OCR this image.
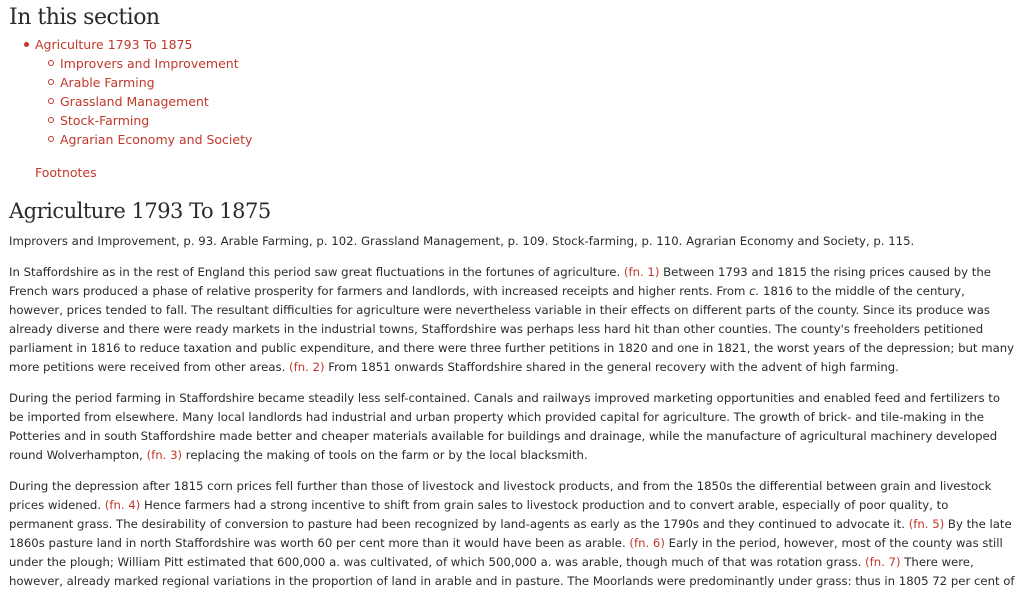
In this section
Agriculture 1793 To 1875
Improvers and Improvement
Arable Farming
Grassland Management
Stock-Farming
Agrarian Economy and Society
Footnotes
Agriculture 1793 To 1875

Improvers and Improvement, p. 93. Arable Farming, p. 102. Grassland Management, p. 109. Stock-farming, p. 110. Agrarian Economy and Society, p. 115.

In Staffordshire as in the rest of England this period saw great fluctuations in the fortunes of agriculture. (fn. 1) Between 1793 and 1815 the rising prices caused by the French wars produced a phase of relative prosperity for farmers and landlords, with increased receipts and higher rents. From c. 1816 to the middle of the century, however, prices tended to fall. The resultant difficulties for agriculture were nevertheless variable in their effects on different parts of the county. Since its produce was already diverse and there were ready markets in the industrial towns, Staffordshire was perhaps less hard hit than other counties. The county's freeholders petitioned parliament in 1816 to reduce taxation and public expenditure, and there were three further petitions in 1820 and one in 1821, the worst years of the depression; but many more petitions were received from other areas. (fn. 2) From 1851 onwards Staffordshire shared in the general recovery with the advent of high farming.

During the period farming in Staffordshire became steadily less self-contained. Canals and railways improved marketing opportunities and enabled feed and fertilizers to be imported from elsewhere. Many local landlords had industrial and urban property which provided capital for agriculture. The growth of brick- and tile-making in the Potteries and in south Staffordshire made better and cheaper materials available for buildings and drainage, while the manufacture of agricultural machinery developed round Wolverhampton, (fn. 3) replacing the making of tools on the farm or by the local blacksmith.

During the depression after 1815 corn prices fell further than those of livestock and livestock products, and from the 1850s the differential between grain and livestock prices widened. (fn. 4) Hence farmers had a strong incentive to shift from grain sales to livestock production and to convert arable, especially of poor quality, to permanent grass. The desirability of conversion to pasture had been recognized by land-agents as early as the 1790s and they continued to advocate it. (fn. 5) By the late 1860s pasture land in north Staffordshire was worth 60 per cent more than it would have been as arable. (fn. 6) Early in the period, however, most of the county was still under the plough; William Pitt estimated that 600,000 a. was cultivated, of which 500,000 a. was arable, though much of that was rotation grass. (fn. 7) There were, however, already marked regional variations in the proportion of land in arable and in pasture. The Moorlands were predominantly under grass: thus in 1805 72 per cent of
